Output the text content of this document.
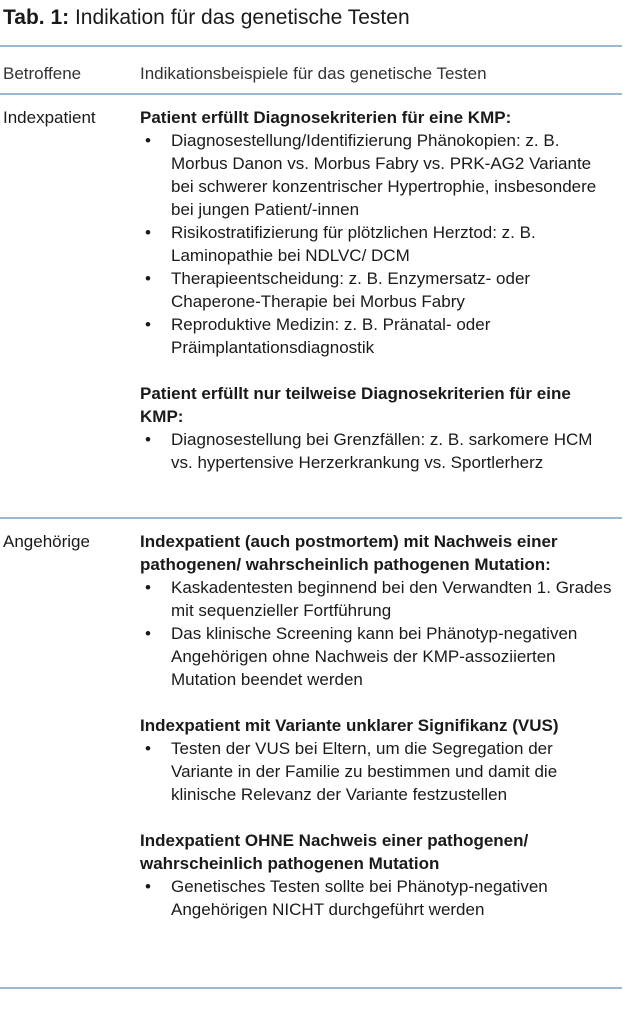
Tab. 1: Indikation für das genetische Testen
Betroffene	Indikationsbeispiele für das genetische Testen
Indexpatient	Patient erfüllt Diagnosekriterien für eine KMP:
• Diagnosestellung/Identifizierung Phänokopien: z. B. Morbus Danon vs. Morbus Fabry vs. PRK-AG2 Variante bei schwerer konzentrischer Hypertrophie, insbesondere bei jungen Patient/-innen
• Risikostratifizierung für plötzlichen Herztod: z. B. Laminopathie bei NDLVC/ DCM
• Therapieentscheidung: z. B. Enzymersatz- oder Chaperone-Therapie bei Morbus Fabry
• Reproduktive Medizin: z. B. Pränatal- oder Präimplantationsdiagnostik
Patient erfüllt nur teilweise Diagnosekriterien für eine KMP:
• Diagnosestellung bei Grenzfällen: z. B. sarkomere HCM vs. hypertensive Herzerkrankung vs. Sportlerherz
Angehörige	Indexpatient (auch postmortem) mit Nachweis einer pathogenen/ wahrscheinlich pathogenen Mutation:
• Kaskadentesten beginnend bei den Verwandten 1. Grades mit sequenzieller Fortführung
• Das klinische Screening kann bei Phänotyp-negativen Angehörigen ohne Nachweis der KMP-assoziierten Mutation beendet werden
Indexpatient mit Variante unklarer Signifikanz (VUS)
• Testen der VUS bei Eltern, um die Segregation der Variante in der Familie zu bestimmen und damit die klinische Relevanz der Variante festzustellen
Indexpatient OHNE Nachweis einer pathogenen/ wahrscheinlich pathogenen Mutation
• Genetisches Testen sollte bei Phänotyp-negativen Angehörigen NICHT durchgeführt werden
